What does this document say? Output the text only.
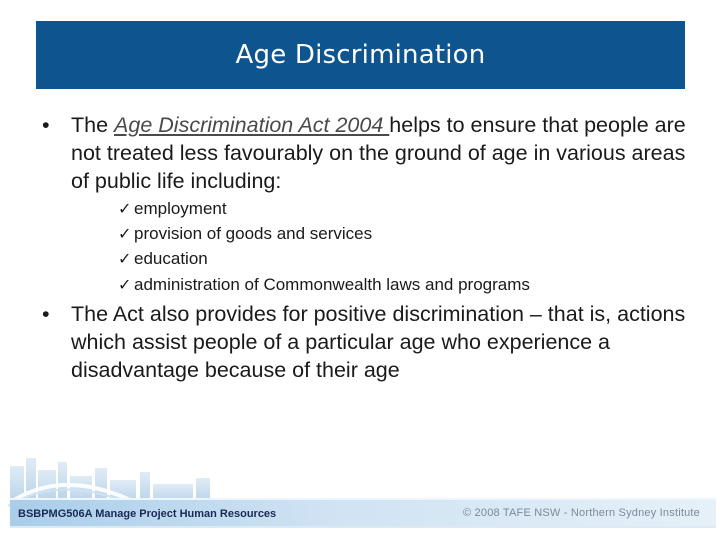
Age Discrimination
• The Age Discrimination Act 2004 helps to ensure that people are not treated less favourably on the ground of age in various areas of public life including:
✓ employment
✓ provision of goods and services
✓ education
✓ administration of Commonwealth laws and programs
• The Act also provides for positive discrimination – that is, actions which assist people of a particular age who experience a disadvantage because of their age
BSBPMG506A Manage Project Human Resources	© 2008 TAFE NSW - Northern Sydney Institute
